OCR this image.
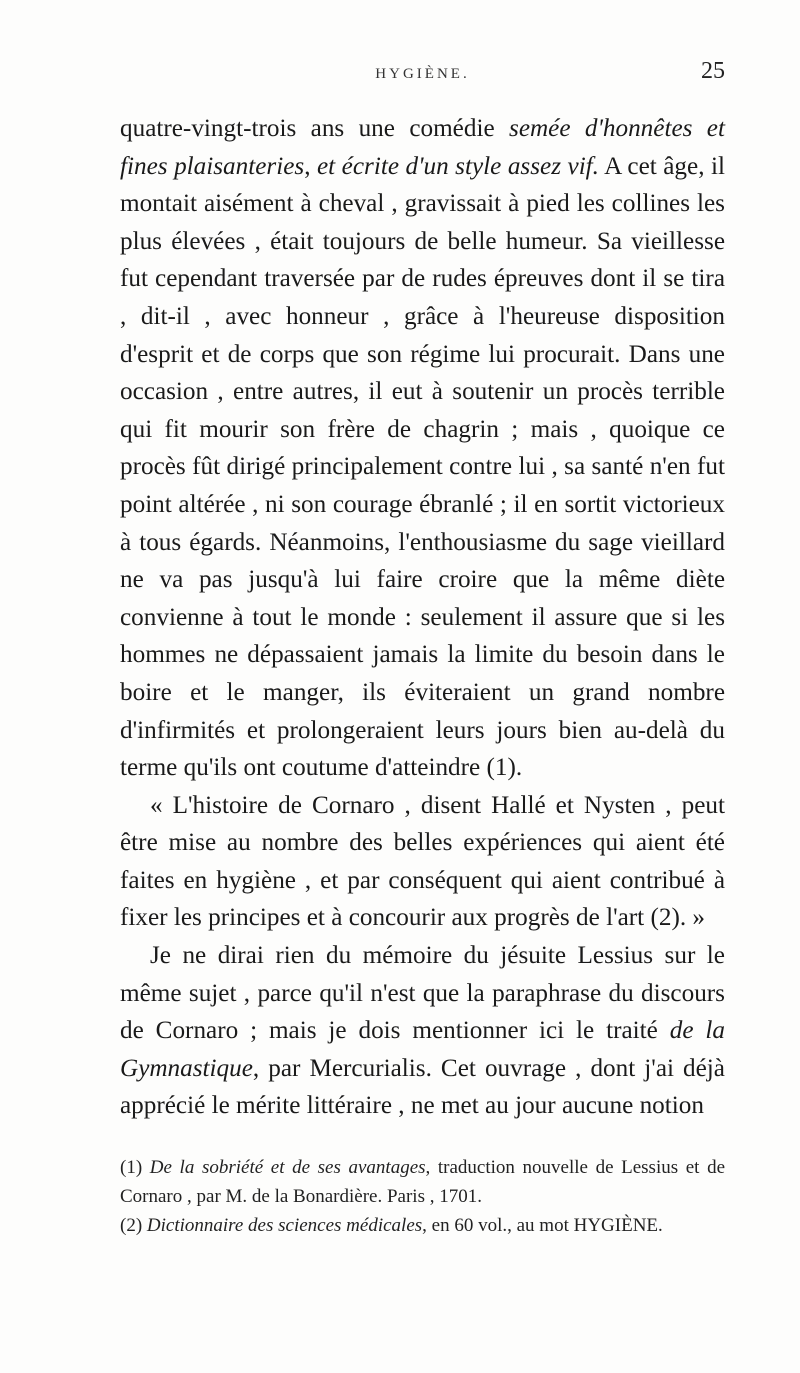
HYGIÈNE.	25

quatre-vingt-trois ans une comédie semée d'honnêtes et fines plaisanteries, et écrite d'un style assez vif. A cet âge, il montait aisément à cheval , gravissait à pied les collines les plus élevées , était toujours de belle humeur. Sa vieillesse fut cependant traversée par de rudes épreuves dont il se tira , dit-il , avec honneur , grâce à l'heureuse disposition d'esprit et de corps que son régime lui procurait. Dans une occasion , entre autres, il eut à soutenir un procès terrible qui fit mourir son frère de chagrin ; mais , quoique ce procès fût dirigé principalement contre lui , sa santé n'en fut point altérée , ni son courage ébranlé ; il en sortit victorieux à tous égards. Néanmoins, l'enthousiasme du sage vieillard ne va pas jusqu'à lui faire croire que la même diète convienne à tout le monde : seulement il assure que si les hommes ne dépassaient jamais la limite du besoin dans le boire et le manger, ils éviteraient un grand nombre d'infirmités et prolongeraient leurs jours bien au-delà du terme qu'ils ont coutume d'atteindre (1).

« L'histoire de Cornaro , disent Hallé et Nysten , peut être mise au nombre des belles expériences qui aient été faites en hygiène , et par conséquent qui aient contribué à fixer les principes et à concourir aux progrès de l'art (2). »

Je ne dirai rien du mémoire du jésuite Lessius sur le même sujet , parce qu'il n'est que la paraphrase du discours de Cornaro ; mais je dois mentionner ici le traité de la Gymnastique, par Mercurialis. Cet ouvrage , dont j'ai déjà apprécié le mérite littéraire , ne met au jour aucune notion

(1) De la sobriété et de ses avantages, traduction nouvelle de Lessius et de Cornaro , par M. de la Bonardière. Paris , 1701.

(2) Dictionnaire des sciences médicales, en 60 vol., au mot HYGIÈNE.
